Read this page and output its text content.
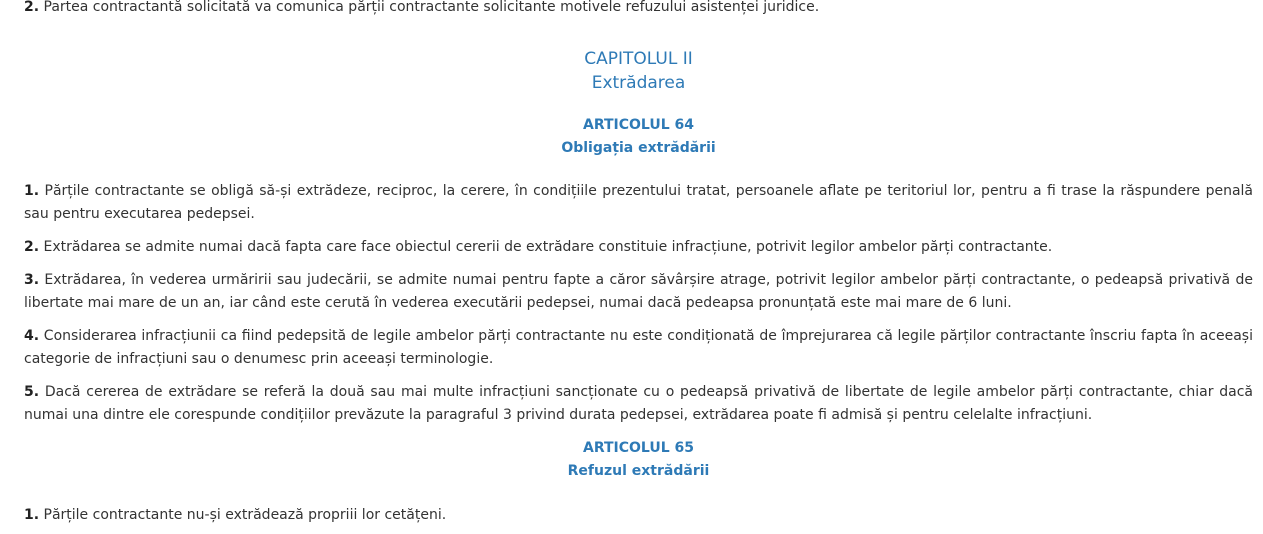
2. Partea contractantă solicitată va comunica părții contractante solicitante motivele refuzului asistenței juridice.

CAPITOLUL II

Extrădarea

ARTICOLUL 64

Obligația extrădării

1. Părțile contractante se obligă să-și extrădeze, reciproc, la cerere, în condițiile prezentului tratat, persoanele aflate pe teritoriul lor, pentru a fi trase la răspundere penală sau pentru executarea pedepsei.

2. Extrădarea se admite numai dacă fapta care face obiectul cererii de extrădare constituie infracțiune, potrivit legilor ambelor părți contractante.

3. Extrădarea, în vederea urmăririi sau judecării, se admite numai pentru fapte a căror săvârșire atrage, potrivit legilor ambelor părți contractante, o pedeapsă privativă de libertate mai mare de un an, iar când este cerută în vederea executării pedepsei, numai dacă pedeapsa pronunțată este mai mare de 6 luni.

4. Considerarea infracțiunii ca fiind pedepsită de legile ambelor părți contractante nu este condiționată de împrejurarea că legile părților contractante înscriu fapta în aceeași categorie de infracțiuni sau o denumesc prin aceeași terminologie.

5. Dacă cererea de extrădare se referă la două sau mai multe infracțiuni sancționate cu o pedeapsă privativă de libertate de legile ambelor părți contractante, chiar dacă numai una dintre ele corespunde condițiilor prevăzute la paragraful 3 privind durata pedepsei, extrădarea poate fi admisă și pentru celelalte infracțiuni.

ARTICOLUL 65

Refuzul extrădării

1. Părțile contractante nu-și extrădează propriii lor cetățeni.
